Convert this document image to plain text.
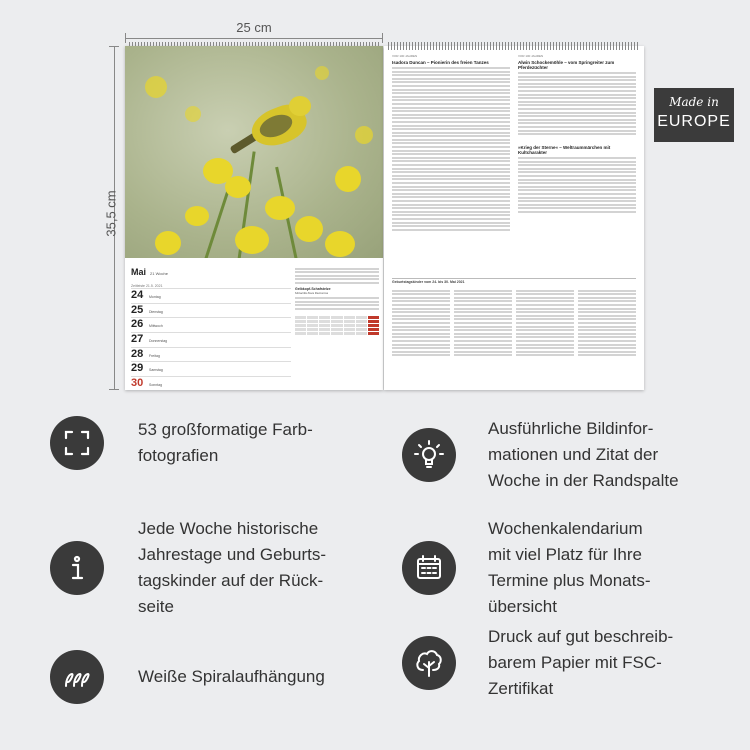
25 cm
35,5 cm
Mai 21 Woche
Zeitleiste 21.5. 2021
24	Montag
25	Dienstag
26	Mittwoch
27	Donnerstag
28	Freitag
29	Samstag
30	Sonntag
Gelbkopf-Schafstelze
Motacilla flava flavissima
VOR 100 JAHREN
Isadora Duncan – Pionierin des freien Tanzes
VOR 100 JAHREN
Alwin Schockemöhle – vom Springreiter zum Pferdezüchter
»Krieg der Sterne« – Weltraummärchen mit Kultcharakter
Geburtstagskinder vom 24. bis 30. Mai 2021
Made in
EUROPE
53 großformatige Farb-
fotografien
Ausführliche Bildinfor-
mationen und Zitat der
Woche in der Randspalte
Jede Woche historische
Jahrestage und Geburts-
tagskinder auf der Rück-
seite
Wochenkalendarium
mit viel Platz für Ihre
Termine plus Monats-
übersicht
Weiße Spiralaufhängung
Druck auf gut beschreib-
barem Papier mit FSC-
Zertifikat
